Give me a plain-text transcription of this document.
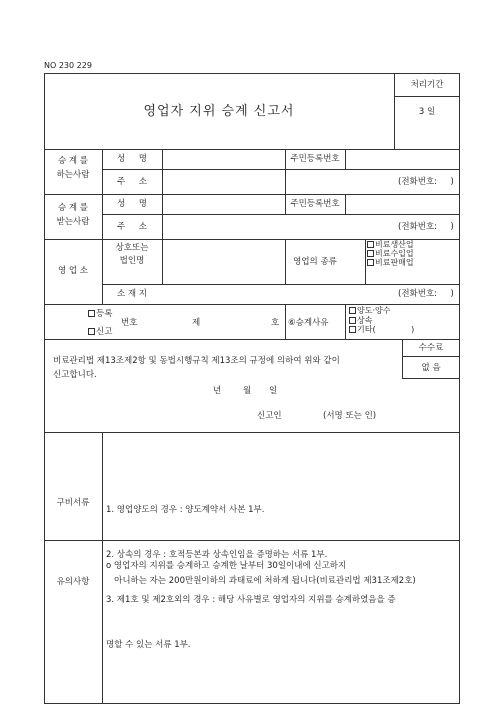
NO 230 229
영업자 지위 승계 신고서
처리기간
3 일
승 계 를
하는사람
성     명	주민등록번호
주     소	(전화번호:     )
승 계 를
받는사람
성     명	주민등록번호
주     소	(전화번호:     )
영 업 소
상호또는
법인명	영업의 종류
비료생산업
비료수입업
비료판매업
소 재 지	(전화번호:     )
등록
신고
번호	제	호 ⑥승계사유
양도·양수
상속
기타(              )
수수료
없 음
비료관리법 제13조제2항 및 동법시행규칙 제13조의 규정에 의하여 위와 같이
신고합니다.
년	월 일
신고인	(서명 또는 인)
구비서류

1. 영업양도의 경우 : 양도계약서 사본 1부.

2. 상속의 경우 : 호적등본과 상속인임을 증명하는 서류 1부.

3. 제1호 및 제2호외의 경우 : 해당 사유별로 영업자의 지위를 승계하였음을 증

명할 수 있는 서류 1부.

유의사항
o 영업자의 지위를 승계하고 승계한 날부터 30일이내에 신고하지
아니하는 자는 200만원이하의 과태료에 처하게 됩니다(비료관리법 제31조제2호)
